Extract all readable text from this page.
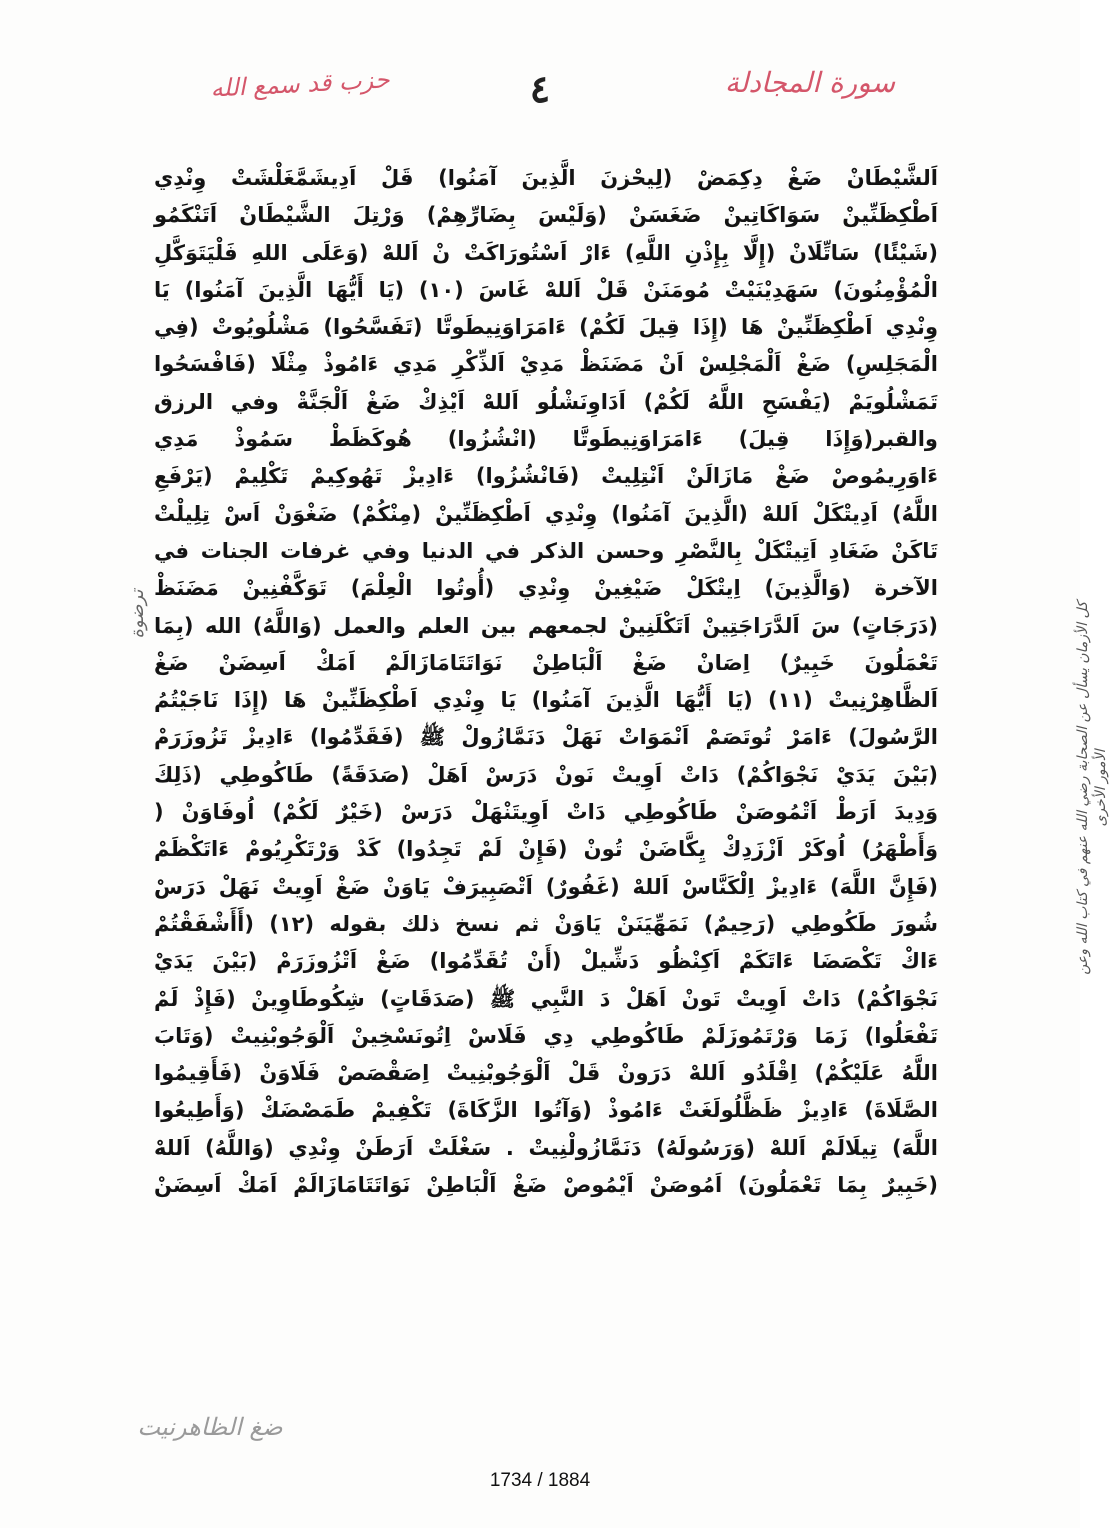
حزب قد سمع الله	٤	سورة المجادلة
اَلشَّيْطَانْ ضَغْ دِكِمَضْ (لِيحْزنَ الَّذِينَ آمَنُوا) قَلْ اَدِيشَمَّغَلْشَتْ وِنْدِي
اَطْكِظَنِّينْ سَوَاكَاتِينْ ضَغَسَنْ (وَلَيْسَ بِضَارِّهِمْ) وَرْتِلَ الشَّيْطَانْ اَتَنْكَمُو
(شَيْئًا) سَاتِّلَانْ (إِلَّا بِإِذْنِ اللَّهِ) ءَارْ اَسْتُورَاكَتْ نْ اَللهْ (وَعَلَى اللهِ فَلْيَتَوَكَّلِ
الْمُؤْمِنُونَ) سَهَدِيْنَيْتْ مُومَنَنْ قَلْ اَللهْ غَاسَ (١٠) (يَا أَيُّهَا الَّذِينَ آمَنُوا) يَا
وِنْدِي اَطْكِظَنِّينْ هَا (إِذَا قِيلَ لَكُمْ) ءَامَرَاوَنِيطَوتَّا (تَفَسَّحُوا) مَشْلُويُوتْ (فِي
الْمَجَلِسِ) ضَغْ اَلْمَجْلِسْ اَنْ مَضَنَظْ مَدِيْ اَلذِّكْرِ مَدِي ءَامُوذْ مِثْلَا (فَافْسَحُوا
تَمَشْلُويَمْ (يَفْسَحِ اللَّهُ لَكُمْ) اَدَاوِنَشْلُو اَللهْ اَيْذِكْ ضَغْ اَلْجَنَّةْ وفي الرزق
والقبر(وَإِذَا قِيلَ) ءَامَرَاوَنِيطَوتَّا (انْشُزُوا) هُوكَظَطْ سَمُوذْ مَدِي
ءَاوَرِيمُوصْ ضَغْ مَازَالَنْ اَنْتِلِيتْ (فَانْشُزُوا) ءَادِيزْ تَهُوكِيمْ تَكْلِيمْ (يَرْفَعِ
اللَّهُ) اَدِيتْكَلْ اَللهْ (الَّذِينَ آمَنُوا) وِنْدِي اَطْكِظَنِّينْ (مِنْكُمْ) ضَغْوَنْ اَسْ تِلِيلْتْ
تَاكَنْ ضَغَادِ اَتِيتْكَلْ بِالنَّصْرِ وحسن الذكر في الدنيا وفي غرفات الجنات في
الآخرة (وَالَّذِينَ) اِيتْكَلْ ضَيْغِينْ وِنْدِي (أُوتُوا الْعِلْمَ) تَوَكَّفْنِينْ مَضَنَظْ
(دَرَجَاتٍ) سَ اَلدَّرَاجَتِينْ اَتَكْلَنِينْ لجمعهم بين العلم والعمل (وَاللَّهُ) الله (بِمَا
تَعْمَلُونَ خَبِيرٌ) اِصَانْ ضَغْ اَلْبَاطِنْ نَوَاتَتَامَازَالَمْ اَمَكْ اَسِضَنْ ضَغْ
اَلظَّاهِرْنِيتْ (١١) (يَا أَيُّهَا الَّذِينَ آمَنُوا) يَا وِنْدِي اَطْكِظَنِّينْ هَا (إِذَا نَاجَيْتُمُ
الرَّسُولَ) ءَامَرْ تُوتَصَمْ اَنْمَوَاتْ نَهَلْ دَنَمَّازُولْ ﷺ (فَقَدِّمُوا) ءَادِيزْ تَزُوزَرَمْ
(بَيْنَ يَدَيْ نَجْوَاكُمْ) دَاتْ اَوِيتْ نَونْ دَرَسْ اَهَلْ (صَدَقَةً) طَاكُوطِي (ذَلِكَ
وَدِيدَ اَرَطْ اَتْمُوصَنْ طَاكُوطِي دَاتْ اَوِيتَنْهَلْ دَرَسْ (خَيْرٌ لَكُمْ) اُوفَاوَنْ (
وَأَطْهَرُ) اُوكَرْ اَزْزَدِكْ يِكَّاضَنْ تُونْ (فَإِنْ لَمْ تَجِدُوا) كَدْ وَرْتَكْرِيُومْ ءَاتَكْظَمْ
(فَإِنَّ اللَّهَ) ءَادِيزْ اِلْكَنَّاسْ اَللهْ (غَفُورٌ) اَتْصَبِيرَفْ يَاوَنْ ضَغْ اَوِيتْ نَهَلْ دَرَسْ
شُورَ طَكُوطِي (رَحِيمٌ) نَمَهِّيَنَنْ يَاوَنْ ثم نسخ ذلك بقوله (١٢) (أَأَشْفَقْتُمْ
ءَاكْ تَكْصَضَا ءَاتَكَمْ اَكِنْظُو دَشِّيلْ (أَنْ تُقَدِّمُوا) ضَغْ اَتْزُوزَرَمْ (بَيْنَ يَدَيْ
نَجْوَاكُمْ) دَاتْ اَوِيتْ تَونْ اَهَلْ دَ النَّبِي ﷺ (صَدَقَاتٍ) شِكُوطَاوِينْ (فَإِذْ لَمْ
تَفْعَلُوا) زَمَا وَرْتَمُوزَلَمْ طَاكُوطِي دِي فَلَاسْ اِتُونَسْخِينْ اَلْوَجُوبْنِيتْ (وَتَابَ
اللَّهُ عَلَيْكُمْ) اِقْلَدُو اَللهْ دَرَونْ قَلْ اَلْوَجُوبْنِيتْ اِصَقْصَصْ فَلَاوَنْ (فَأَقِيمُوا
الصَّلَاةَ) ءَادِيزْ ظَظَّلُولَغَتْ ءَامُوذْ (وَآتُوا الزَّكَاةَ) تَكْفِيمْ طَمَصْضَكْ (وَأَطِيعُوا
اللَّهَ) تِيلَالَمْ اَللهْ (وَرَسُولَهُ) دَنَمَّازُولْنِيتْ . سَغْلَتْ اَرَطَنْ وِنْدِي (وَاللَّهُ) اَللهْ
(خَبِيرٌ بِمَا تَعْمَلُونَ) اَمُوصَنْ اَيْمُوصْ ضَغْ اَلْبَاطِنْ نَوَاتَتَامَازَالَمْ اَمَكْ اَسِضَنْ
كل الأزمان يسأل عن الصحابة رضي الله عنهم في كتاب الله وعن الأمور الأخرى
ترضوة
ضغ الظاهرنيت
1734 / 1884
